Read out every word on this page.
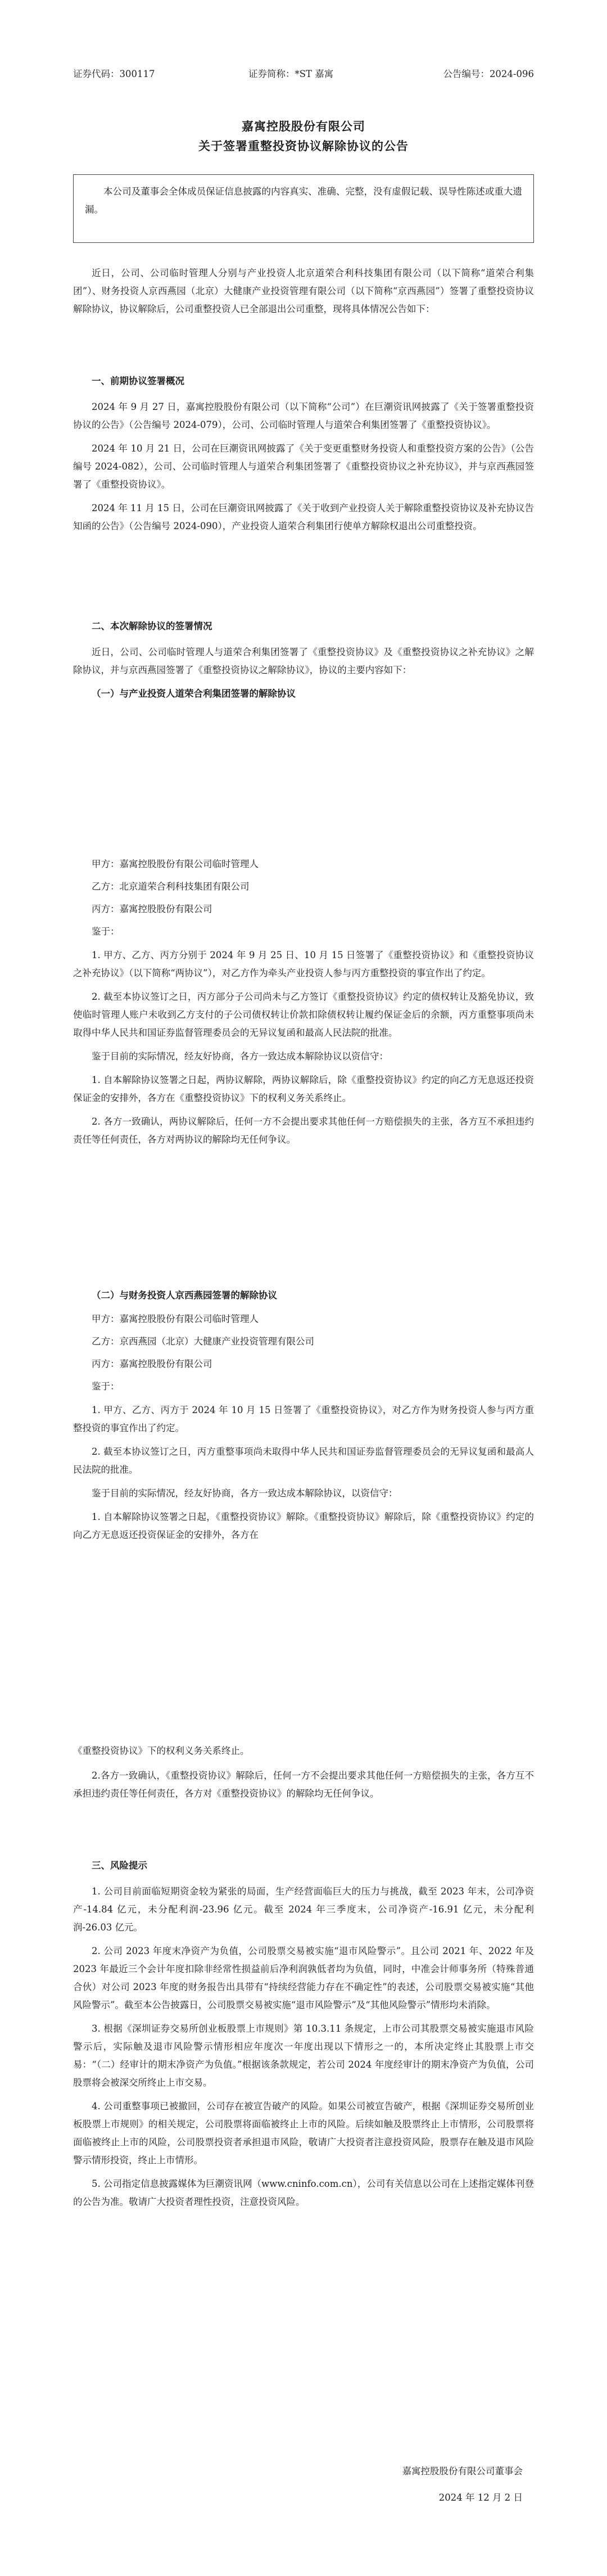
证券代码：300117	证券简称：*ST 嘉寓	公告编号：2024-096
嘉寓控股股份有限公司
关于签署重整投资协议解除协议的公告

本公司及董事会全体成员保证信息披露的内容真实、准确、完整，没有虚假记载、误导性陈述或重大遗漏。

近日，公司、公司临时管理人分别与产业投资人北京道荣合利科技集团有限公司（以下简称“道荣合利集团”）、财务投资人京西燕园（北京）大健康产业投资管理有限公司（以下简称“京西燕园”）签署了重整投资协议解除协议，协议解除后，公司重整投资人已全部退出公司重整，现将具体情况公告如下：

一、前期协议签署概况

2024 年 9 月 27 日，嘉寓控股股份有限公司（以下简称“公司”）在巨潮资讯网披露了《关于签署重整投资协议的公告》（公告编号 2024-079），公司、公司临时管理人与道荣合利集团签署了《重整投资协议》。

2024 年 10 月 21 日，公司在巨潮资讯网披露了《关于变更重整财务投资人和重整投资方案的公告》（公告编号 2024-082），公司、公司临时管理人与道荣合利集团签署了《重整投资协议之补充协议》，并与京西燕园签署了《重整投资协议》。

2024 年 11 月 15 日，公司在巨潮资讯网披露了《关于收到产业投资人关于解除重整投资协议及补充协议告知函的公告》（公告编号 2024-090），产业投资人道荣合利集团行使单方解除权退出公司重整投资。

二、本次解除协议的签署情况

近日，公司、公司临时管理人与道荣合利集团签署了《重整投资协议》及《重整投资协议之补充协议》之解除协议，并与京西燕园签署了《重整投资协议之解除协议》，协议的主要内容如下：

（一）与产业投资人道荣合利集团签署的解除协议

甲方：嘉寓控股股份有限公司临时管理人

乙方：北京道荣合利科技集团有限公司

丙方：嘉寓控股股份有限公司

鉴于：

1. 甲方、乙方、丙方分别于 2024 年 9 月 25 日、10 月 15 日签署了《重整投资协议》和《重整投资协议之补充协议》（以下简称“两协议”），对乙方作为牵头产业投资人参与丙方重整投资的事宜作出了约定。

2. 截至本协议签订之日，丙方部分子公司尚未与乙方签订《重整投资协议》约定的债权转让及豁免协议，致使临时管理人账户未收到乙方支付的子公司债权转让价款扣除债权转让履约保证金后的余额，丙方重整事项尚未取得中华人民共和国证券监督管理委员会的无异议复函和最高人民法院的批准。

鉴于目前的实际情况，经友好协商，各方一致达成本解除协议以资信守：

1. 自本解除协议签署之日起，两协议解除，两协议解除后，除《重整投资协议》约定的向乙方无息返还投资保证金的安排外，各方在《重整投资协议》下的权利义务关系终止。

2. 各方一致确认，两协议解除后，任何一方不会提出要求其他任何一方赔偿损失的主张，各方互不承担违约责任等任何责任，各方对两协议的解除均无任何争议。

（二）与财务投资人京西燕园签署的解除协议

甲方：嘉寓控股股份有限公司临时管理人

乙方：京西燕园（北京）大健康产业投资管理有限公司

丙方：嘉寓控股股份有限公司

鉴于：

1. 甲方、乙方、丙方于 2024 年 10 月 15 日签署了《重整投资协议》，对乙方作为财务投资人参与丙方重整投资的事宜作出了约定。

2. 截至本协议签订之日，丙方重整事项尚未取得中华人民共和国证券监督管理委员会的无异议复函和最高人民法院的批准。

鉴于目前的实际情况，经友好协商，各方一致达成本解除协议，以资信守：

1. 自本解除协议签署之日起，《重整投资协议》解除。《重整投资协议》解除后，除《重整投资协议》约定的向乙方无息返还投资保证金的安排外，各方在

《重整投资协议》下的权利义务关系终止。

2.各方一致确认，《重整投资协议》解除后，任何一方不会提出要求其他任何一方赔偿损失的主张，各方互不承担违约责任等任何责任，各方对《重整投资协议》的解除均无任何争议。

三、风险提示

1. 公司目前面临短期资金较为紧张的局面，生产经营面临巨大的压力与挑战，截至 2023 年末，公司净资产-14.84 亿元，未分配利润-23.96 亿元。截至 2024 年三季度末，公司净资产-16.91 亿元，未分配利润-26.03 亿元。

2. 公司 2023 年度末净资产为负值，公司股票交易被实施“退市风险警示”。且公司 2021 年、2022 年及 2023 年最近三个会计年度扣除非经常性损益前后净利润孰低者均为负值，同时，中准会计师事务所（特殊普通合伙）对公司 2023 年度的财务报告出具带有“持续经营能力存在不确定性”的表述，公司股票交易被实施“其他风险警示”。截至本公告披露日，公司股票交易被实施“退市风险警示”及“其他风险警示”情形均未消除。

3. 根据《深圳证券交易所创业板股票上市规则》第 10.3.11 条规定，上市公司其股票交易被实施退市风险警示后，实际触及退市风险警示情形相应年度次一年度出现以下情形之一的，本所决定终止其股票上市交易：“（二）经审计的期末净资产为负值。”根据该条款规定，若公司 2024 年度经审计的期末净资产为负值，公司股票将会被深交所终止上市交易。

4. 公司重整事项已被撤回，公司存在被宣告破产的风险。如果公司被宣告破产，根据《深圳证券交易所创业板股票上市规则》的相关规定，公司股票将面临被终止上市的风险。后续如触及股票终止上市情形，公司股票将面临被终止上市的风险，公司股票投资者承担退市风险，敬请广大投资者注意投资风险，股票存在触及退市风险警示情形投资，终止上市情形。

5. 公司指定信息披露媒体为巨潮资讯网（www.cninfo.com.cn），公司有关信息以公司在上述指定媒体刊登的公告为准。敬请广大投资者理性投资，注意投资风险。

嘉寓控股股份有限公司董事会
2024 年 12 月 2 日
